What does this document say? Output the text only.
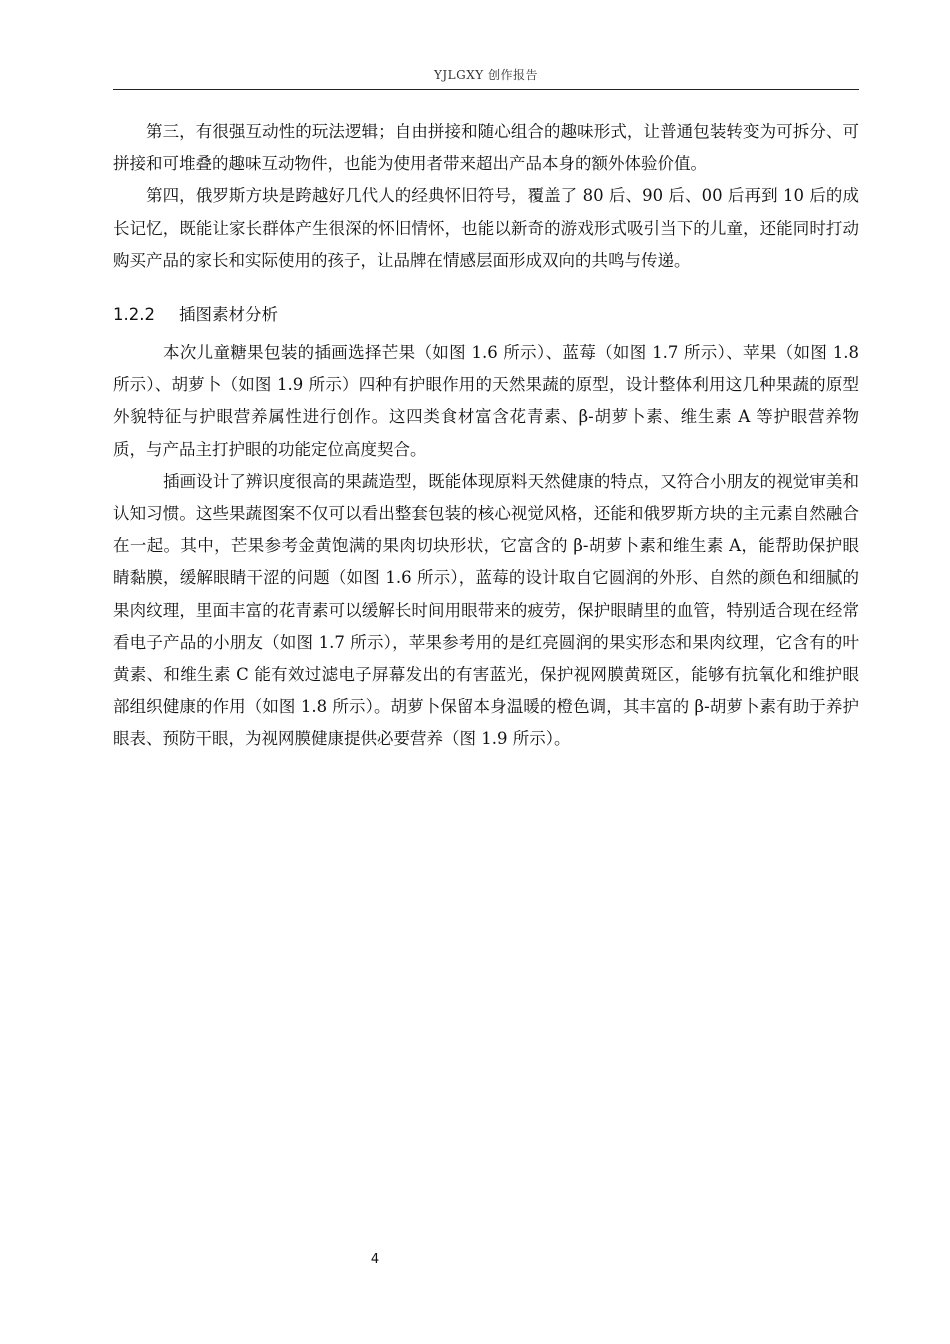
YJLGXY 创作报告

第三，有很强互动性的玩法逻辑；自由拼接和随心组合的趣味形式，让普通包装转变为可拆分、可拼接和可堆叠的趣味互动物件，也能为使用者带来超出产品本身的额外体验价值。

第四，俄罗斯方块是跨越好几代人的经典怀旧符号，覆盖了 80 后、90 后、00 后再到 10 后的成长记忆，既能让家长群体产生很深的怀旧情怀，也能以新奇的游戏形式吸引当下的儿童，还能同时打动购买产品的家长和实际使用的孩子，让品牌在情感层面形成双向的共鸣与传递。

1.2.2 插图素材分析

本次儿童糖果包装的插画选择芒果（如图 1.6 所示）、蓝莓（如图 1.7 所示）、苹果（如图 1.8 所示）、胡萝卜（如图 1.9 所示）四种有护眼作用的天然果蔬的原型，设计整体利用这几种果蔬的原型外貌特征与护眼营养属性进行创作。这四类食材富含花青素、β-胡萝卜素、维生素 A 等护眼营养物质，与产品主打护眼的功能定位高度契合。

插画设计了辨识度很高的果蔬造型，既能体现原料天然健康的特点，又符合小朋友的视觉审美和认知习惯。这些果蔬图案不仅可以看出整套包装的核心视觉风格，还能和俄罗斯方块的主元素自然融合在一起。其中，芒果参考金黄饱满的果肉切块形状，它富含的 β-胡萝卜素和维生素 A，能帮助保护眼睛黏膜，缓解眼睛干涩的问题（如图 1.6 所示），蓝莓的设计取自它圆润的外形、自然的颜色和细腻的果肉纹理，里面丰富的花青素可以缓解长时间用眼带来的疲劳，保护眼睛里的血管，特别适合现在经常看电子产品的小朋友（如图 1.7 所示），苹果参考用的是红亮圆润的果实形态和果肉纹理，它含有的叶黄素、和维生素 C 能有效过滤电子屏幕发出的有害蓝光，保护视网膜黄斑区，能够有抗氧化和维护眼部组织健康的作用（如图 1.8 所示）。胡萝卜保留本身温暖的橙色调，其丰富的 β-胡萝卜素有助于养护眼表、预防干眼，为视网膜健康提供必要营养（图 1.9 所示）。

4
